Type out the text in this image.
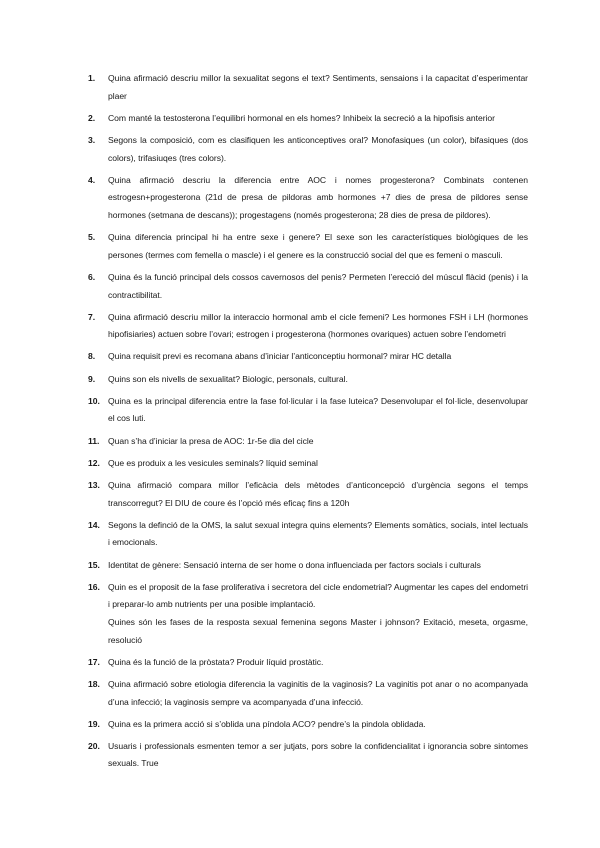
1. Quina afirmació descriu millor la sexualitat segons el text? Sentiments, sensaions i la capacitat d’esperimentar plaer
2. Com manté la testosterona l’equilibri hormonal en els homes? Inhibeix la secreció a la hipofisis anterior
3. Segons la composició, com es clasifiquen les anticonceptives oral? Monofasiques (un color), bifasiques (dos colors), trifasiuqes (tres colors).
4. Quina afirmació descriu la diferencia entre AOC i nomes progesterona? Combinats contenen estrogesn+progesterona (21d de presa de pildoras amb hormones +7 dies de presa de pildores sense hormones (setmana de descans)); progestagens (només progesterona; 28 dies de presa de pildores).
5. Quina diferencia principal hi ha entre sexe i genere? El sexe son les característiques biològiques de les persones (termes com femella o mascle) i el genere es la construcció social del que es femeni o masculi.
6. Quina és la funció principal dels cossos cavernosos del penis? Permeten l’erecció del múscul flàcid (penis) i la contractibilitat.
7. Quina afirmació descriu millor la interaccio hormonal amb el cicle femeni? Les hormones FSH i LH (hormones hipofisiaries) actuen sobre l’ovari; estrogen i progesterona (hormones ovariques) actuen sobre l’endometri
8. Quina requisit previ es recomana abans d’iniciar l’anticonceptiu hormonal? mirar HC detalla
9. Quins son els nivells de sexualitat? Biologic, personals, cultural.
10. Quina es la principal diferencia entre la fase fol·licular i la fase luteica? Desenvolupar el fol·licle, desenvolupar el cos luti.
11. Quan s’ha d’iniciar la presa de AOC: 1r-5e dia del cicle
12. Que es produix a les vesicules seminals? líquid seminal
13. Quina afirmació compara millor l’eficàcia dels mètodes d’anticoncepció d’urgència segons el temps transcorregut? El DIU de coure és l’opció més eficaç fins a 120h
14. Segons la definció de la OMS, la salut sexual integra quins elements? Elements somàtics, socials, intel lectuals i emocionals.
15. Identitat de gènere: Sensació interna de ser home o dona influenciada per factors socials i culturals
16. Quin es el proposit de la fase proliferativa i secretora del cicle endometrial? Augmentar les capes del endometri i preparar-lo amb nutrients per una posible implantació.
Quines són les fases de la resposta sexual femenina segons Master i johnson? Exitació, meseta, orgasme, resolució
17. Quina és la funció de la pròstata? Produir líquid prostàtic.
18. Quina afirmació sobre etiologia diferencia la vaginitis de la vaginosis? La vaginitis pot anar o no acompanyada d’una infecció; la vaginosis sempre va acompanyada d’una infecció.
19. Quina es la primera acció si s’oblida una píndola ACO? pendre’s la pindola oblidada.
20. Usuaris i professionals esmenten temor a ser jutjats, pors sobre la confidencialitat i ignorancia sobre sintomes sexuals. True
